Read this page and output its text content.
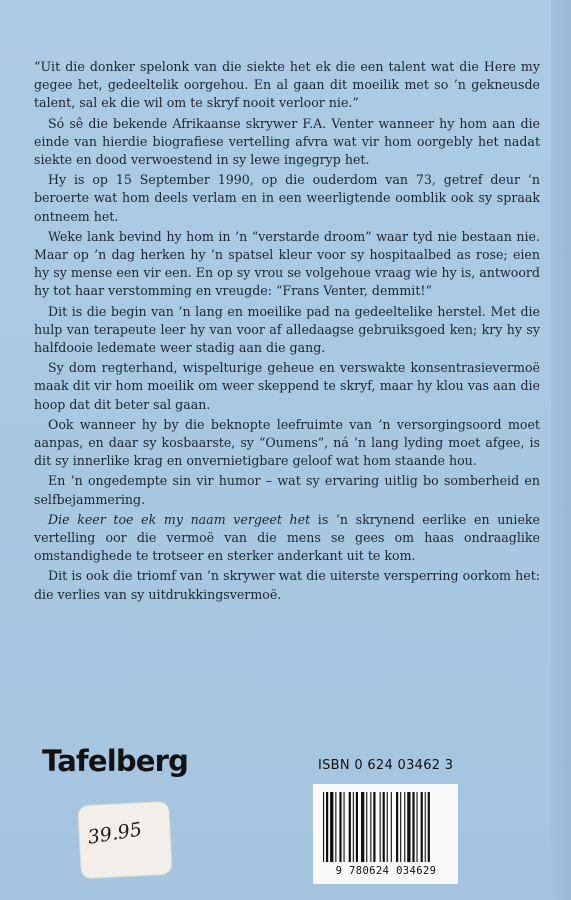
“Uit die donker spelonk van die siekte het ek die een talent wat die Here my gegee het, gedeeltelik oorgehou. En al gaan dit moeilik met so ’n gekneusde talent, sal ek die wil om te skryf nooit verloor nie.”

Só sê die bekende Afrikaanse skrywer F.A. Venter wanneer hy hom aan die einde van hierdie biografiese vertelling afvra wat vir hom oorgebly het nadat siekte en dood verwoestend in sy lewe ingegryp het.

Hy is op 15 September 1990, op die ouderdom van 73, getref deur ’n beroerte wat hom deels verlam en in een weerligtende oomblik ook sy spraak ontneem het.

Weke lank bevind hy hom in ’n “verstarde droom” waar tyd nie bestaan nie. Maar op ’n dag herken hy ’n spatsel kleur voor sy hospitaalbed as rose; eien hy sy mense een vir een. En op sy vrou se volgehoue vraag wie hy is, antwoord hy tot haar verstomming en vreugde: “Frans Venter, demmit!”

Dit is die begin van ’n lang en moeilike pad na gedeeltelike herstel. Met die hulp van terapeute leer hy van voor af alledaagse gebruiksgoed ken; kry hy sy halfdooie ledemate weer stadig aan die gang.

Sy dom regterhand, wispelturige geheue en verswakte konsentrasievermoë maak dit vir hom moeilik om weer skeppend te skryf, maar hy klou vas aan die hoop dat dit beter sal gaan.

Ook wanneer hy by die beknopte leefruimte van ’n versorgingsoord moet aanpas, en daar sy kosbaarste, sy “Oumens”, ná ’n lang lyding moet afgee, is dit sy innerlike krag en onvernietigbare geloof wat hom staande hou.

En ’n ongedempte sin vir humor – wat sy ervaring uitlig bo somberheid en selfbejammering.

Die keer toe ek my naam vergeet het is ’n skrynend eerlike en unieke vertelling oor die vermoë van die mens se gees om haas ondraaglike omstandighede te trotseer en sterker anderkant uit te kom.

Dit is ook die triomf van ’n skrywer wat die uiterste versperring oorkom het: die verlies van sy uitdrukkingsvermoë.

Tafelberg	ISBN 0 624 03462 3
9 780624 034629
39.95
